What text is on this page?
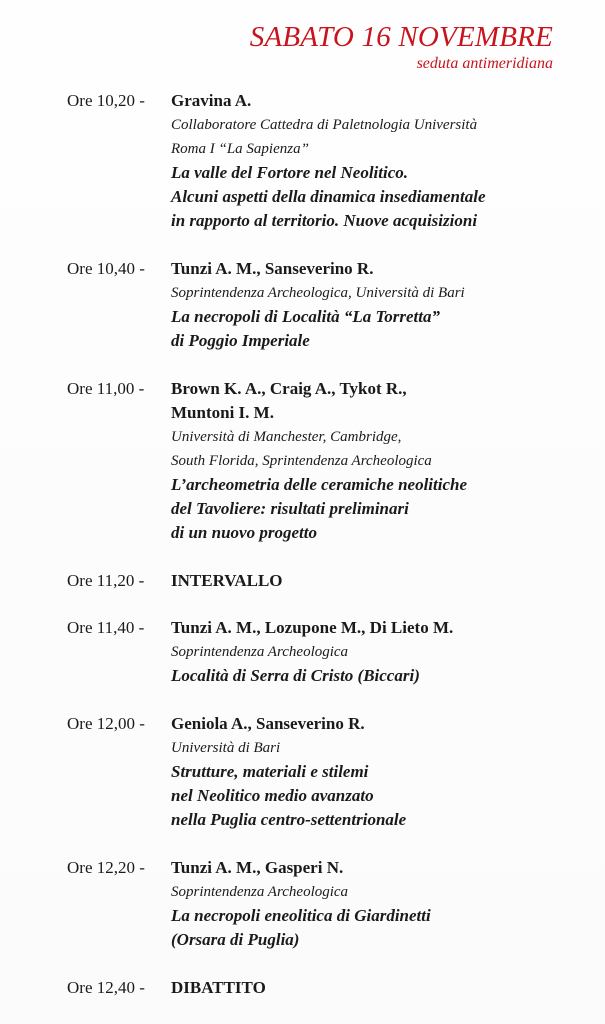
SABATO 16 NOVEMBRE
seduta antimeridiana
Ore 10,20 - Gravina A.
Collaboratore Cattedra di Paletnologia Università
Roma I “La Sapienza”
La valle del Fortore nel Neolitico.
Alcuni aspetti della dinamica insediamentale
in rapporto al territorio. Nuove acquisizioni
Ore 10,40 - Tunzi A. M., Sanseverino R.
Soprintendenza Archeologica, Università di Bari
La necropoli di Località “La Torretta”
di Poggio Imperiale
Ore 11,00 - Brown K. A., Craig A., Tykot R.,
Muntoni I. M.
Università di Manchester, Cambridge,
South Florida, Sprintendenza Archeologica
L’archeometria delle ceramiche neolitiche
del Tavoliere: risultati preliminari
di un nuovo progetto
Ore 11,20 - INTERVALLO
Ore 11,40 - Tunzi A. M., Lozupone M., Di Lieto M.
Soprintendenza Archeologica
Località di Serra di Cristo (Biccari)
Ore 12,00 - Geniola A., Sanseverino R.
Università di Bari
Strutture, materiali e stilemi
nel Neolitico medio avanzato
nella Puglia centro-settentrionale
Ore 12,20 - Tunzi A. M., Gasperi N.
Soprintendenza Archeologica
La necropoli eneolitica di Giardinetti
(Orsara di Puglia)
Ore 12,40 - DIBATTITO
